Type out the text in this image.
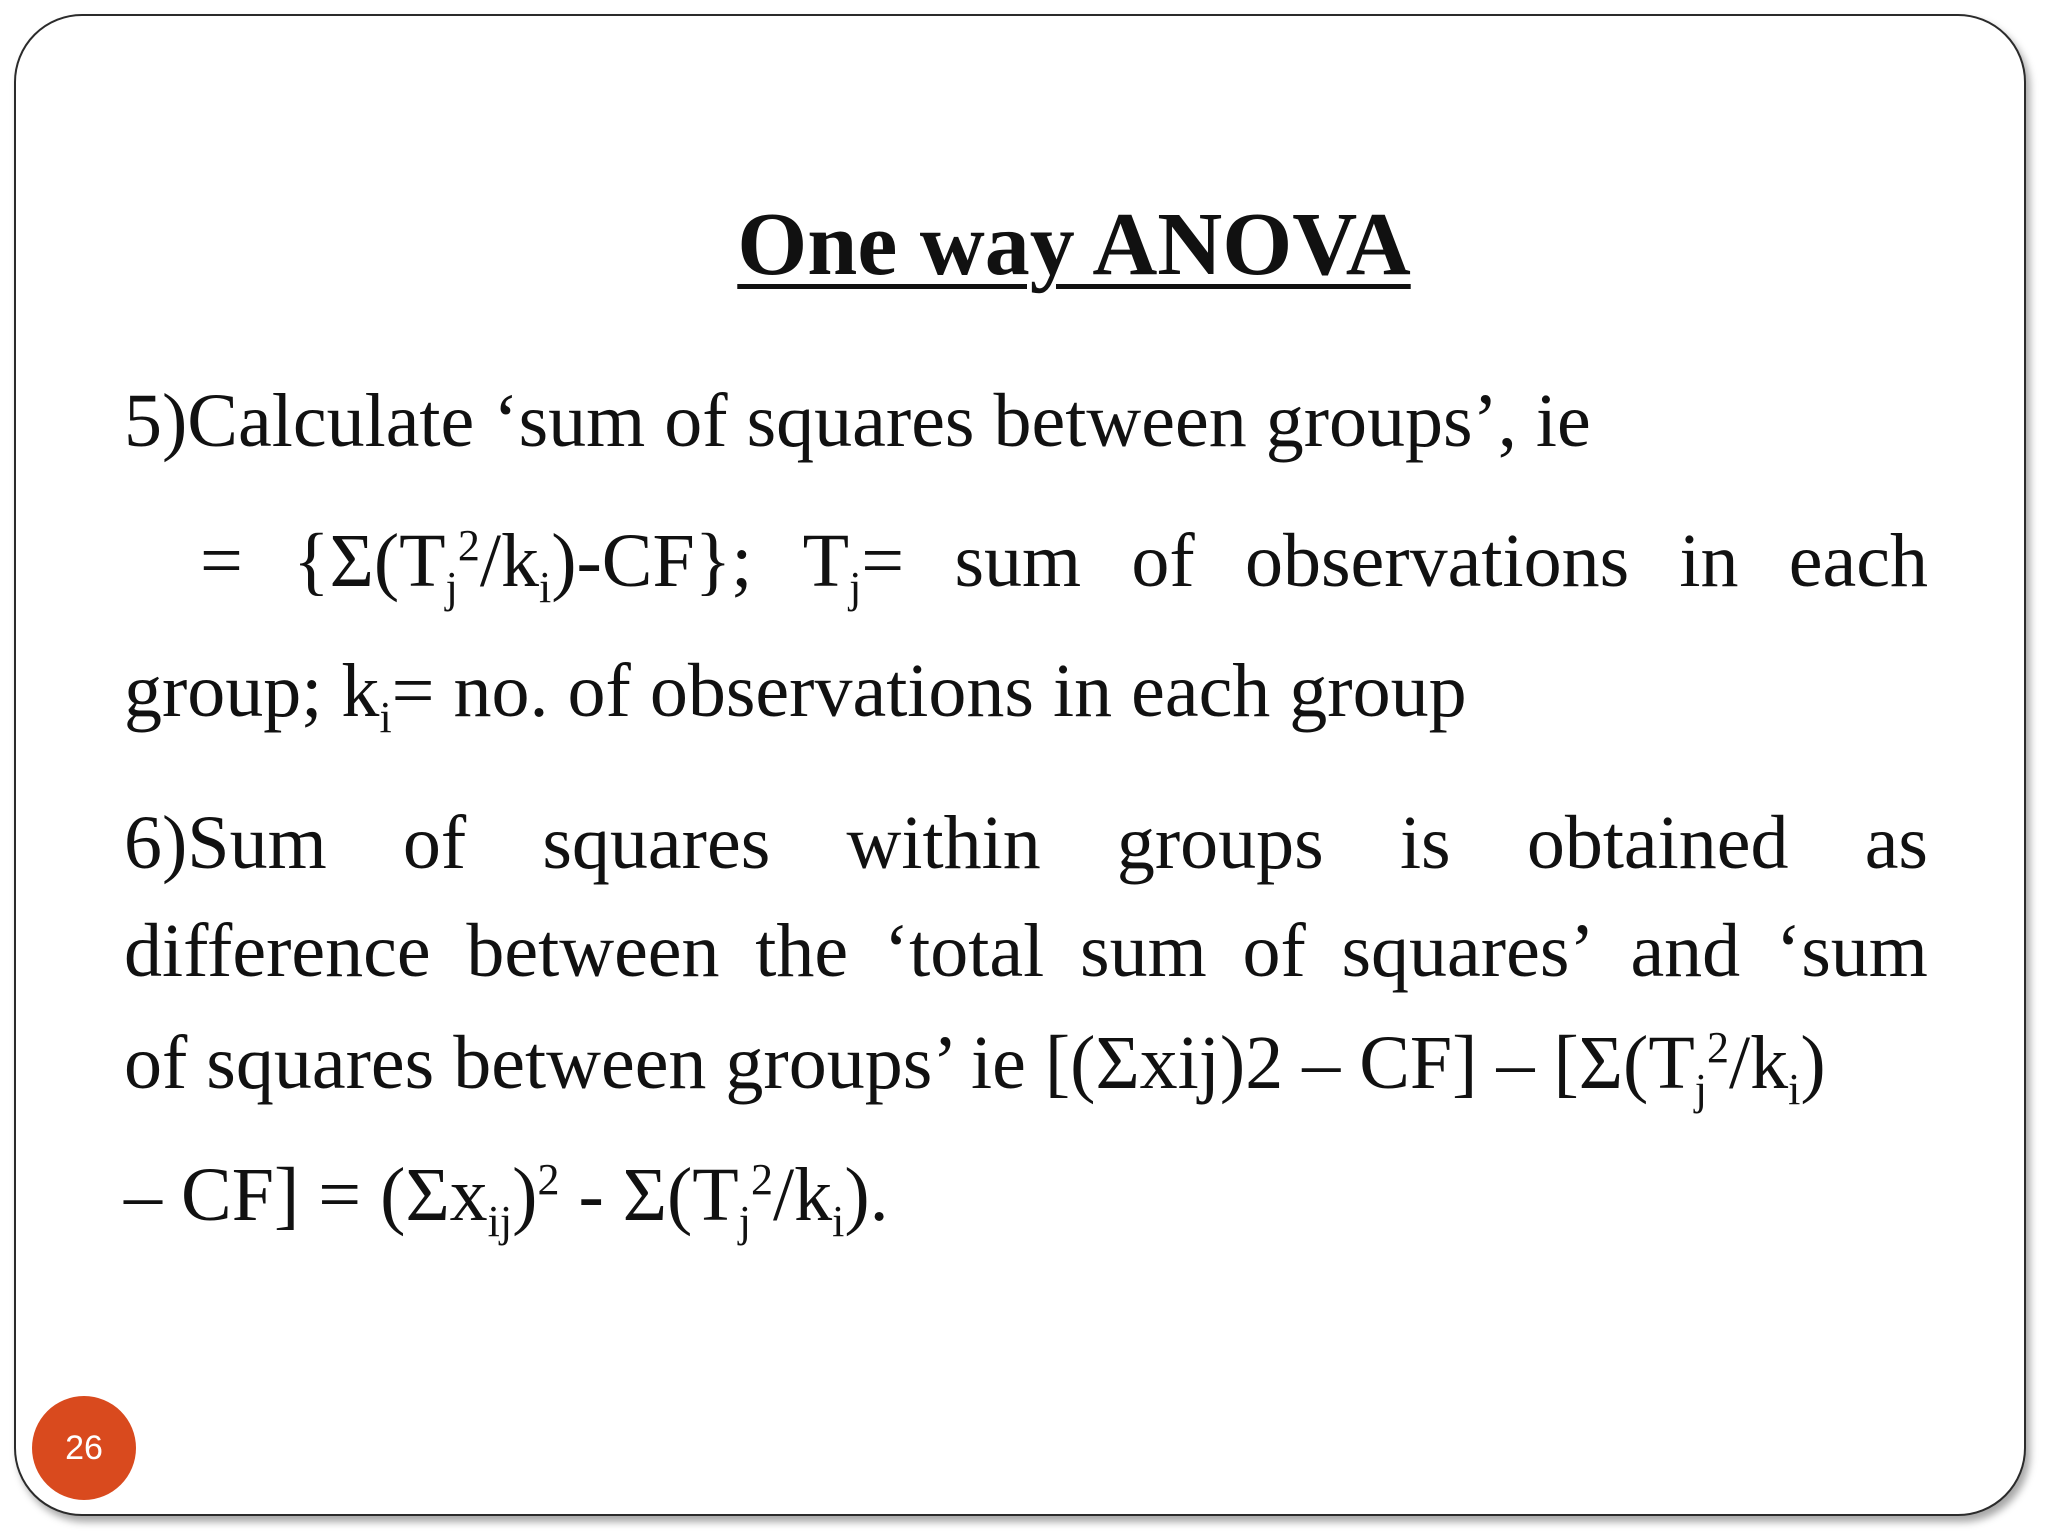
One way ANOVA
5)Calculate ‘sum of squares between groups’, ie
= $\{\Sigma(T_j^2/k_i)-CF\}$; $T_j=$ sum of observations in each
group; $k_i=$ no. of observations in each group
6)Sum of squares within groups is obtained as
difference between the ‘total sum of squares’ and ‘sum
of squares between groups’ ie $[(\Sigma xij)2 - CF] - [\Sigma(T_j^2/k_i)$
– $CF] = (\Sigma x_{ij})^2 - \Sigma(T_j^2/k_i)$.
26
